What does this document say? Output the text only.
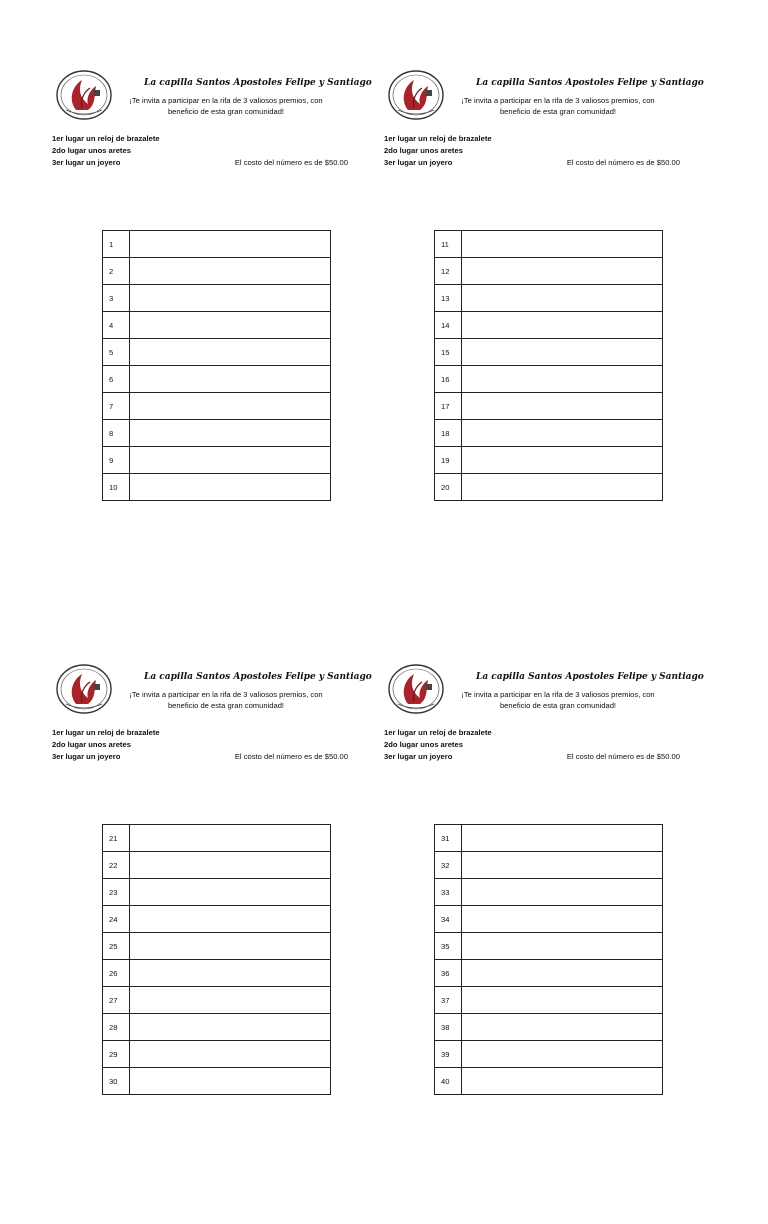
La capilla Santos Apostoles Felipe y Santiago
¡Te invita a participar en la rifa de 3 valiosos premios, con beneficio de esta gran comunidad!
1er lugar un reloj de brazalete
2do lugar unos aretes
3er lugar un joyero	El costo del número es de $50.00
1	
2	
3	
4	
5	
6	
7	
8	
9	
10	
La capilla Santos Apostoles Felipe y Santiago
¡Te invita a participar en la rifa de 3 valiosos premios, con beneficio de esta gran comunidad!
1er lugar un reloj de brazalete
2do lugar unos aretes
3er lugar un joyero	El costo del número es de $50.00
11	
12	
13	
14	
15	
16	
17	
18	
19	
20	
La capilla Santos Apostoles Felipe y Santiago
¡Te invita a participar en la rifa de 3 valiosos premios, con beneficio de esta gran comunidad!
1er lugar un reloj de brazalete
2do lugar unos aretes
3er lugar un joyero	El costo del número es de $50.00
21	
22	
23	
24	
25	
26	
27	
28	
29	
30	
La capilla Santos Apostoles Felipe y Santiago
¡Te invita a participar en la rifa de 3 valiosos premios, con beneficio de esta gran comunidad!
1er lugar un reloj de brazalete
2do lugar unos aretes
3er lugar un joyero	El costo del número es de $50.00
31	
32	
33	
34	
35	
36	
37	
38	
39	
40	
